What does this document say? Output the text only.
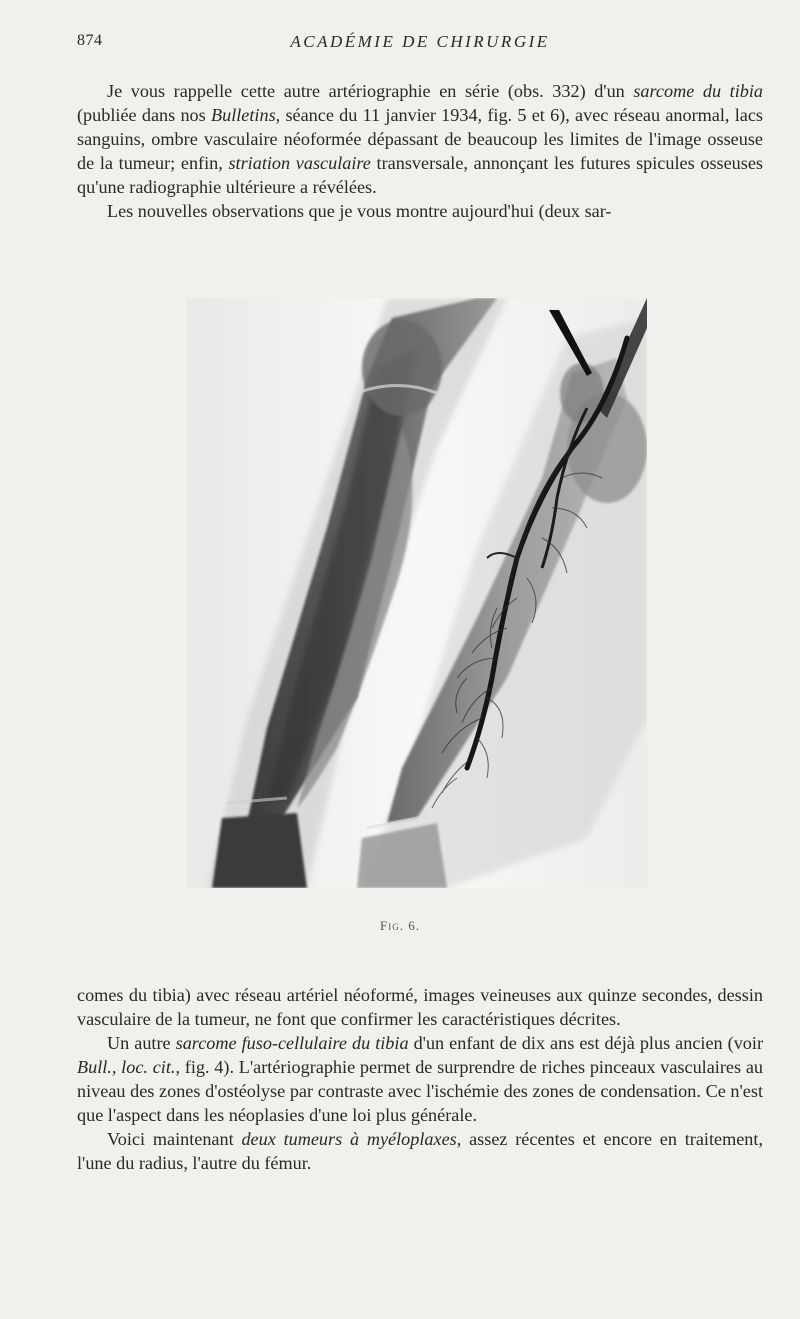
874	ACADÉMIE DE CHIRURGIE

Je vous rappelle cette autre artériographie en série (obs. 332) d'un sarcome du tibia (publiée dans nos Bulletins, séance du 11 janvier 1934, fig. 5 et 6), avec réseau anormal, lacs sanguins, ombre vasculaire néoformée dépassant de beaucoup les limites de l'image osseuse de la tumeur; enfin, striation vasculaire transversale, annonçant les futures spicules osseuses qu'une radiographie ultérieure a révélées.

Les nouvelles observations que je vous montre aujourd'hui (deux sar-

Fig. 6.

comes du tibia) avec réseau artériel néoformé, images veineuses aux quinze secondes, dessin vasculaire de la tumeur, ne font que confirmer les caractéristiques décrites.

Un autre sarcome fuso-cellulaire du tibia d'un enfant de dix ans est déjà plus ancien (voir Bull., loc. cit., fig. 4). L'artériographie permet de surprendre de riches pinceaux vasculaires au niveau des zones d'ostéolyse par contraste avec l'ischémie des zones de condensation. Ce n'est que l'aspect dans les néoplasies d'une loi plus générale.

Voici maintenant deux tumeurs à myéloplaxes, assez récentes et encore en traitement, l'une du radius, l'autre du fémur.
